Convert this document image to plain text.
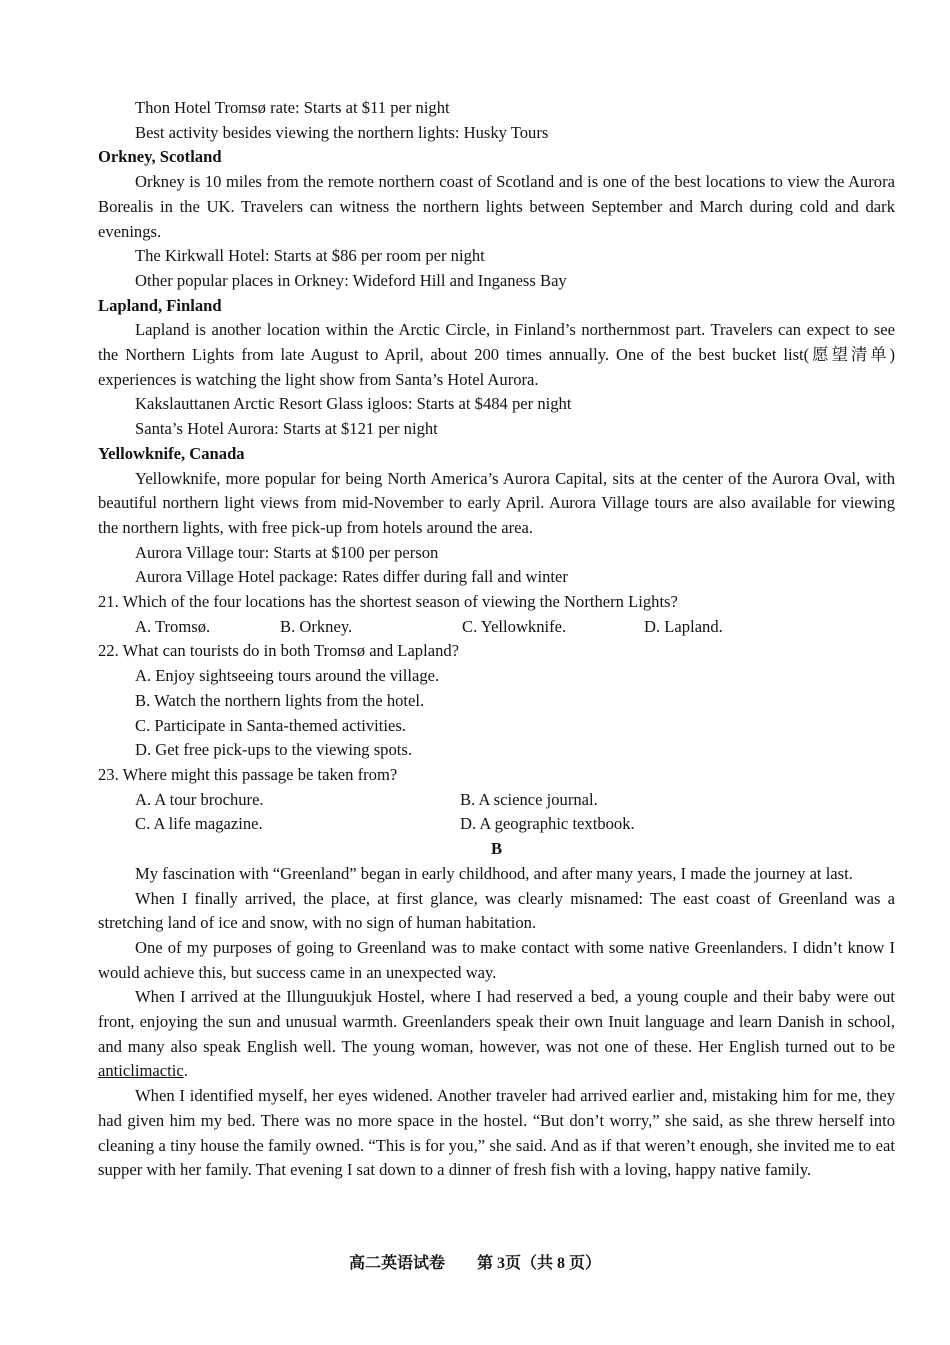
Thon Hotel Tromsø rate: Starts at $11 per night
Best activity besides viewing the northern lights: Husky Tours
Orkney, Scotland
Orkney is 10 miles from the remote northern coast of Scotland and is one of the best locations to view the Aurora Borealis in the UK. Travelers can witness the northern lights between September and March during cold and dark evenings.
The Kirkwall Hotel: Starts at $86 per room per night
Other popular places in Orkney: Wideford Hill and Inganess Bay
Lapland, Finland
Lapland is another location within the Arctic Circle, in Finland’s northernmost part. Travelers can expect to see the Northern Lights from late August to April, about 200 times annually. One of the best bucket list(愿望清单) experiences is watching the light show from Santa’s Hotel Aurora.
Kakslauttanen Arctic Resort Glass igloos: Starts at $484 per night
Santa’s Hotel Aurora: Starts at $121 per night
Yellowknife, Canada
Yellowknife, more popular for being North America’s Aurora Capital, sits at the center of the Aurora Oval, with beautiful northern light views from mid-November to early April. Aurora Village tours are also available for viewing the northern lights, with free pick-up from hotels around the area.
Aurora Village tour: Starts at $100 per person
Aurora Village Hotel package: Rates differ during fall and winter
21. Which of the four locations has the shortest season of viewing the Northern Lights?
A. Tromsø.	B. Orkney.	C. Yellowknife.	D. Lapland.
22. What can tourists do in both Tromsø and Lapland?
A. Enjoy sightseeing tours around the village.
B. Watch the northern lights from the hotel.
C. Participate in Santa-themed activities.
D. Get free pick-ups to the viewing spots.
23. Where might this passage be taken from?
A. A tour brochure.	B. A science journal.
C. A life magazine.	D. A geographic textbook.
B
My fascination with “Greenland” began in early childhood, and after many years, I made the journey at last.
When I finally arrived, the place, at first glance, was clearly misnamed: The east coast of Greenland was a stretching land of ice and snow, with no sign of human habitation.
One of my purposes of going to Greenland was to make contact with some native Greenlanders. I didn’t know I would achieve this, but success came in an unexpected way.
When I arrived at the Illunguukjuk Hostel, where I had reserved a bed, a young couple and their baby were out front, enjoying the sun and unusual warmth. Greenlanders speak their own Inuit language and learn Danish in school, and many also speak English well. The young woman, however, was not one of these. Her English turned out to be anticlimactic.
When I identified myself, her eyes widened. Another traveler had arrived earlier and, mistaking him for me, they had given him my bed. There was no more space in the hostel. “But don’t worry,” she said, as she threw herself into cleaning a tiny house the family owned. “This is for you,” she said. And as if that weren’t enough, she invited me to eat supper with her family. That evening I sat down to a dinner of fresh fish with a loving, happy native family.
高二英语试卷 第 3页（共 8 页）
